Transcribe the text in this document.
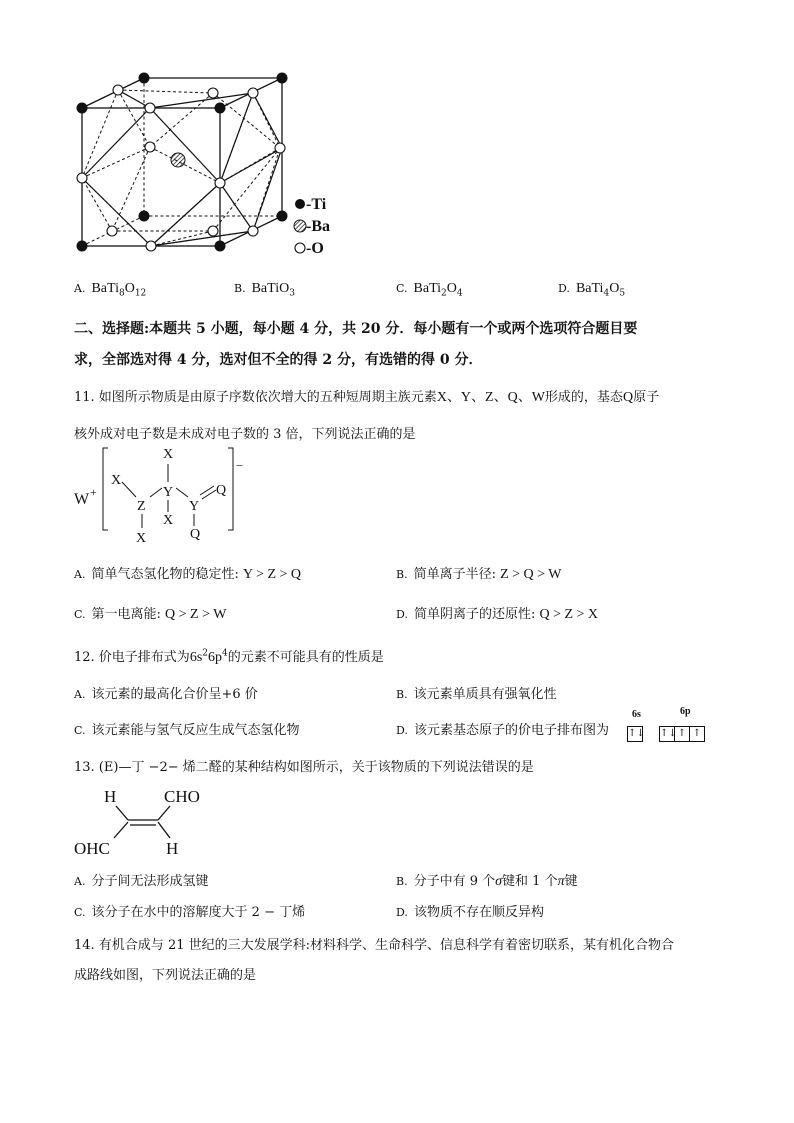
-Ti
-Ba
-O
A. $BaTi_8O_{12}$	B. BaTiO$_3$	C. $BaTi_2O_4$	D. $BaTi_4O_5$
二、选择题:本题共 5 小题，每小题 4 分，共 20 分．每小题有一个或两个选项符合题目要
求，全部选对得 4 分，选对但不全的得 2 分，有选错的得 0 分．
11. 如图所示物质是由原子序数依次增大的五种短周期主族元素X、Y、Z、Q、W形成的，基态Q原子
核外成对电子数是未成对电子数的 3 倍，下列说法正确的是
W +
X
Z
X
X
Y
X
Y
Q
Q
−
A. 简单气态氢化物的稳定性: Y > Z > Q	B. 简单离子半径: Z > Q > W
C. 第一电离能: Q > Z > W	D. 简单阴离子的还原性: Q > Z > X
12. 价电子排布式为$6s^26p^4$的元素不可能具有的性质是
A. 该元素的最高化合价呈+6 价	B. 该元素单质具有强氧化性
C. 该元素能与氢气反应生成气态氢化物	D. 该元素基态原子的价电子排布图为
6s	6p
↑↓ ↑↓↑ ↑
13. (E)—丁 −2− 烯二醛的某种结构如图所示，关于该物质的下列说法错误的是
H	CHO
OHC	H
A. 分子间无法形成氢键	B. 分子中有 9 个σ键和 1 个π键
C. 该分子在水中的溶解度大于 2 − 丁烯	D. 该物质不存在顺反异构
14. 有机合成与 21 世纪的三大发展学科:材料科学、生命科学、信息科学有着密切联系，某有机化合物合
成路线如图，下列说法正确的是
